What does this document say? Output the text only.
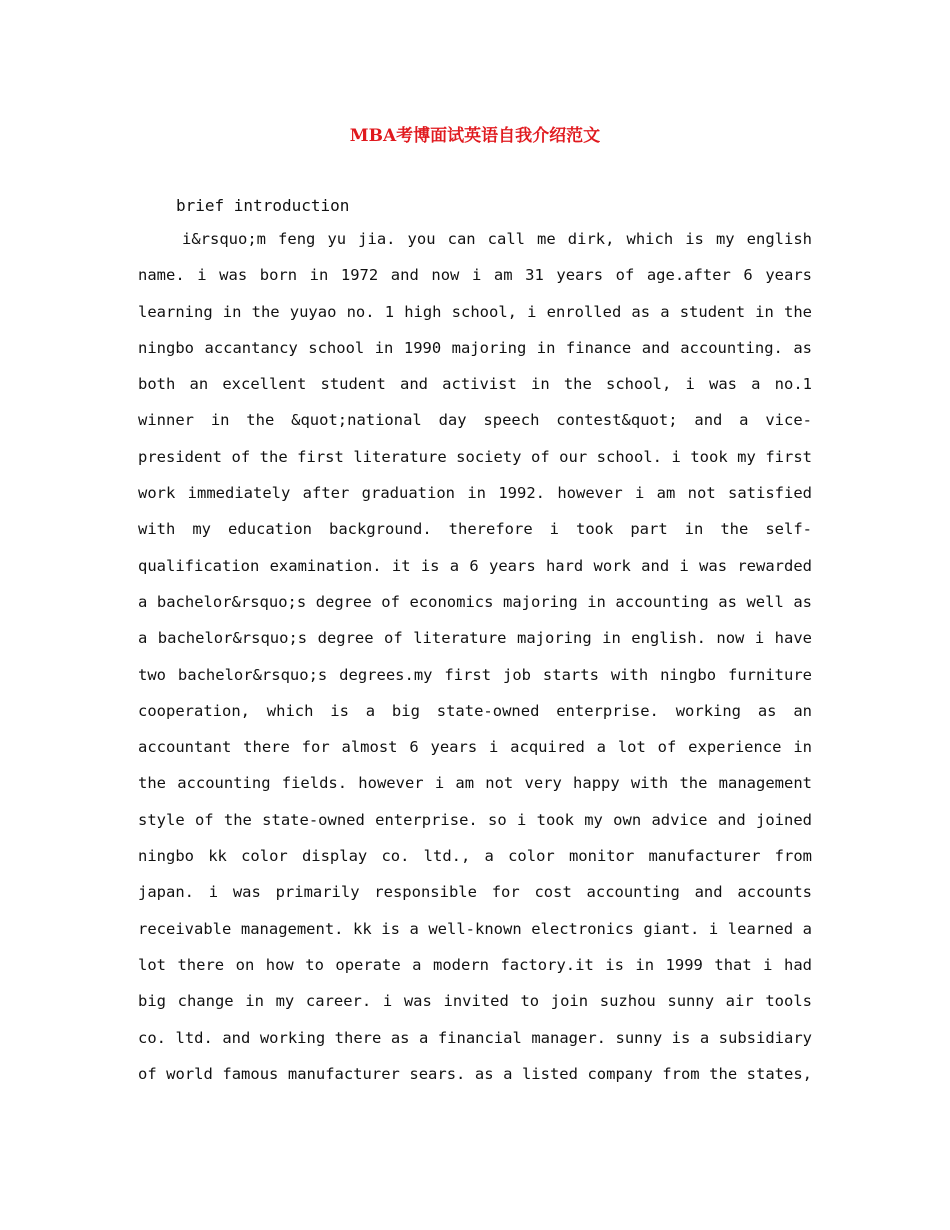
MBA考博面试英语自我介绍范文

brief introduction

i&rsquo;m feng yu jia. you can call me dirk, which is my english
name. i was born in 1972 and now i am 31 years of age.after 6 years
learning in the yuyao no. 1 high school, i enrolled as a student in the
ningbo accantancy school in 1990 majoring in finance and accounting. as
both an excellent student and activist in the school, i was a no.1
winner in the &quot;national day speech contest&quot; and a vice-
president of the first literature society of our school. i took my first
work immediately after graduation in 1992. however i am not satisfied
with my education background. therefore i took part in the self-
qualification examination. it is a 6 years hard work and i was rewarded
a bachelor&rsquo;s degree of economics majoring in accounting as well as
a bachelor&rsquo;s degree of literature majoring in english. now i have
two bachelor&rsquo;s degrees.my first job starts with ningbo furniture
cooperation, which is a big state-owned enterprise. working as an
accountant there for almost 6 years i acquired a lot of experience in
the accounting fields. however i am not very happy with the management
style of the state-owned enterprise. so i took my own advice and joined
ningbo kk color display co. ltd., a color monitor manufacturer from
japan. i was primarily responsible for cost accounting and accounts
receivable management. kk is a well-known electronics giant. i learned a
lot there on how to operate a modern factory.it is in 1999 that i had
big change in my career. i was invited to join suzhou sunny air tools
co. ltd. and working there as a financial manager. sunny is a subsidiary
of world famous manufacturer sears. as a listed company from the states,
